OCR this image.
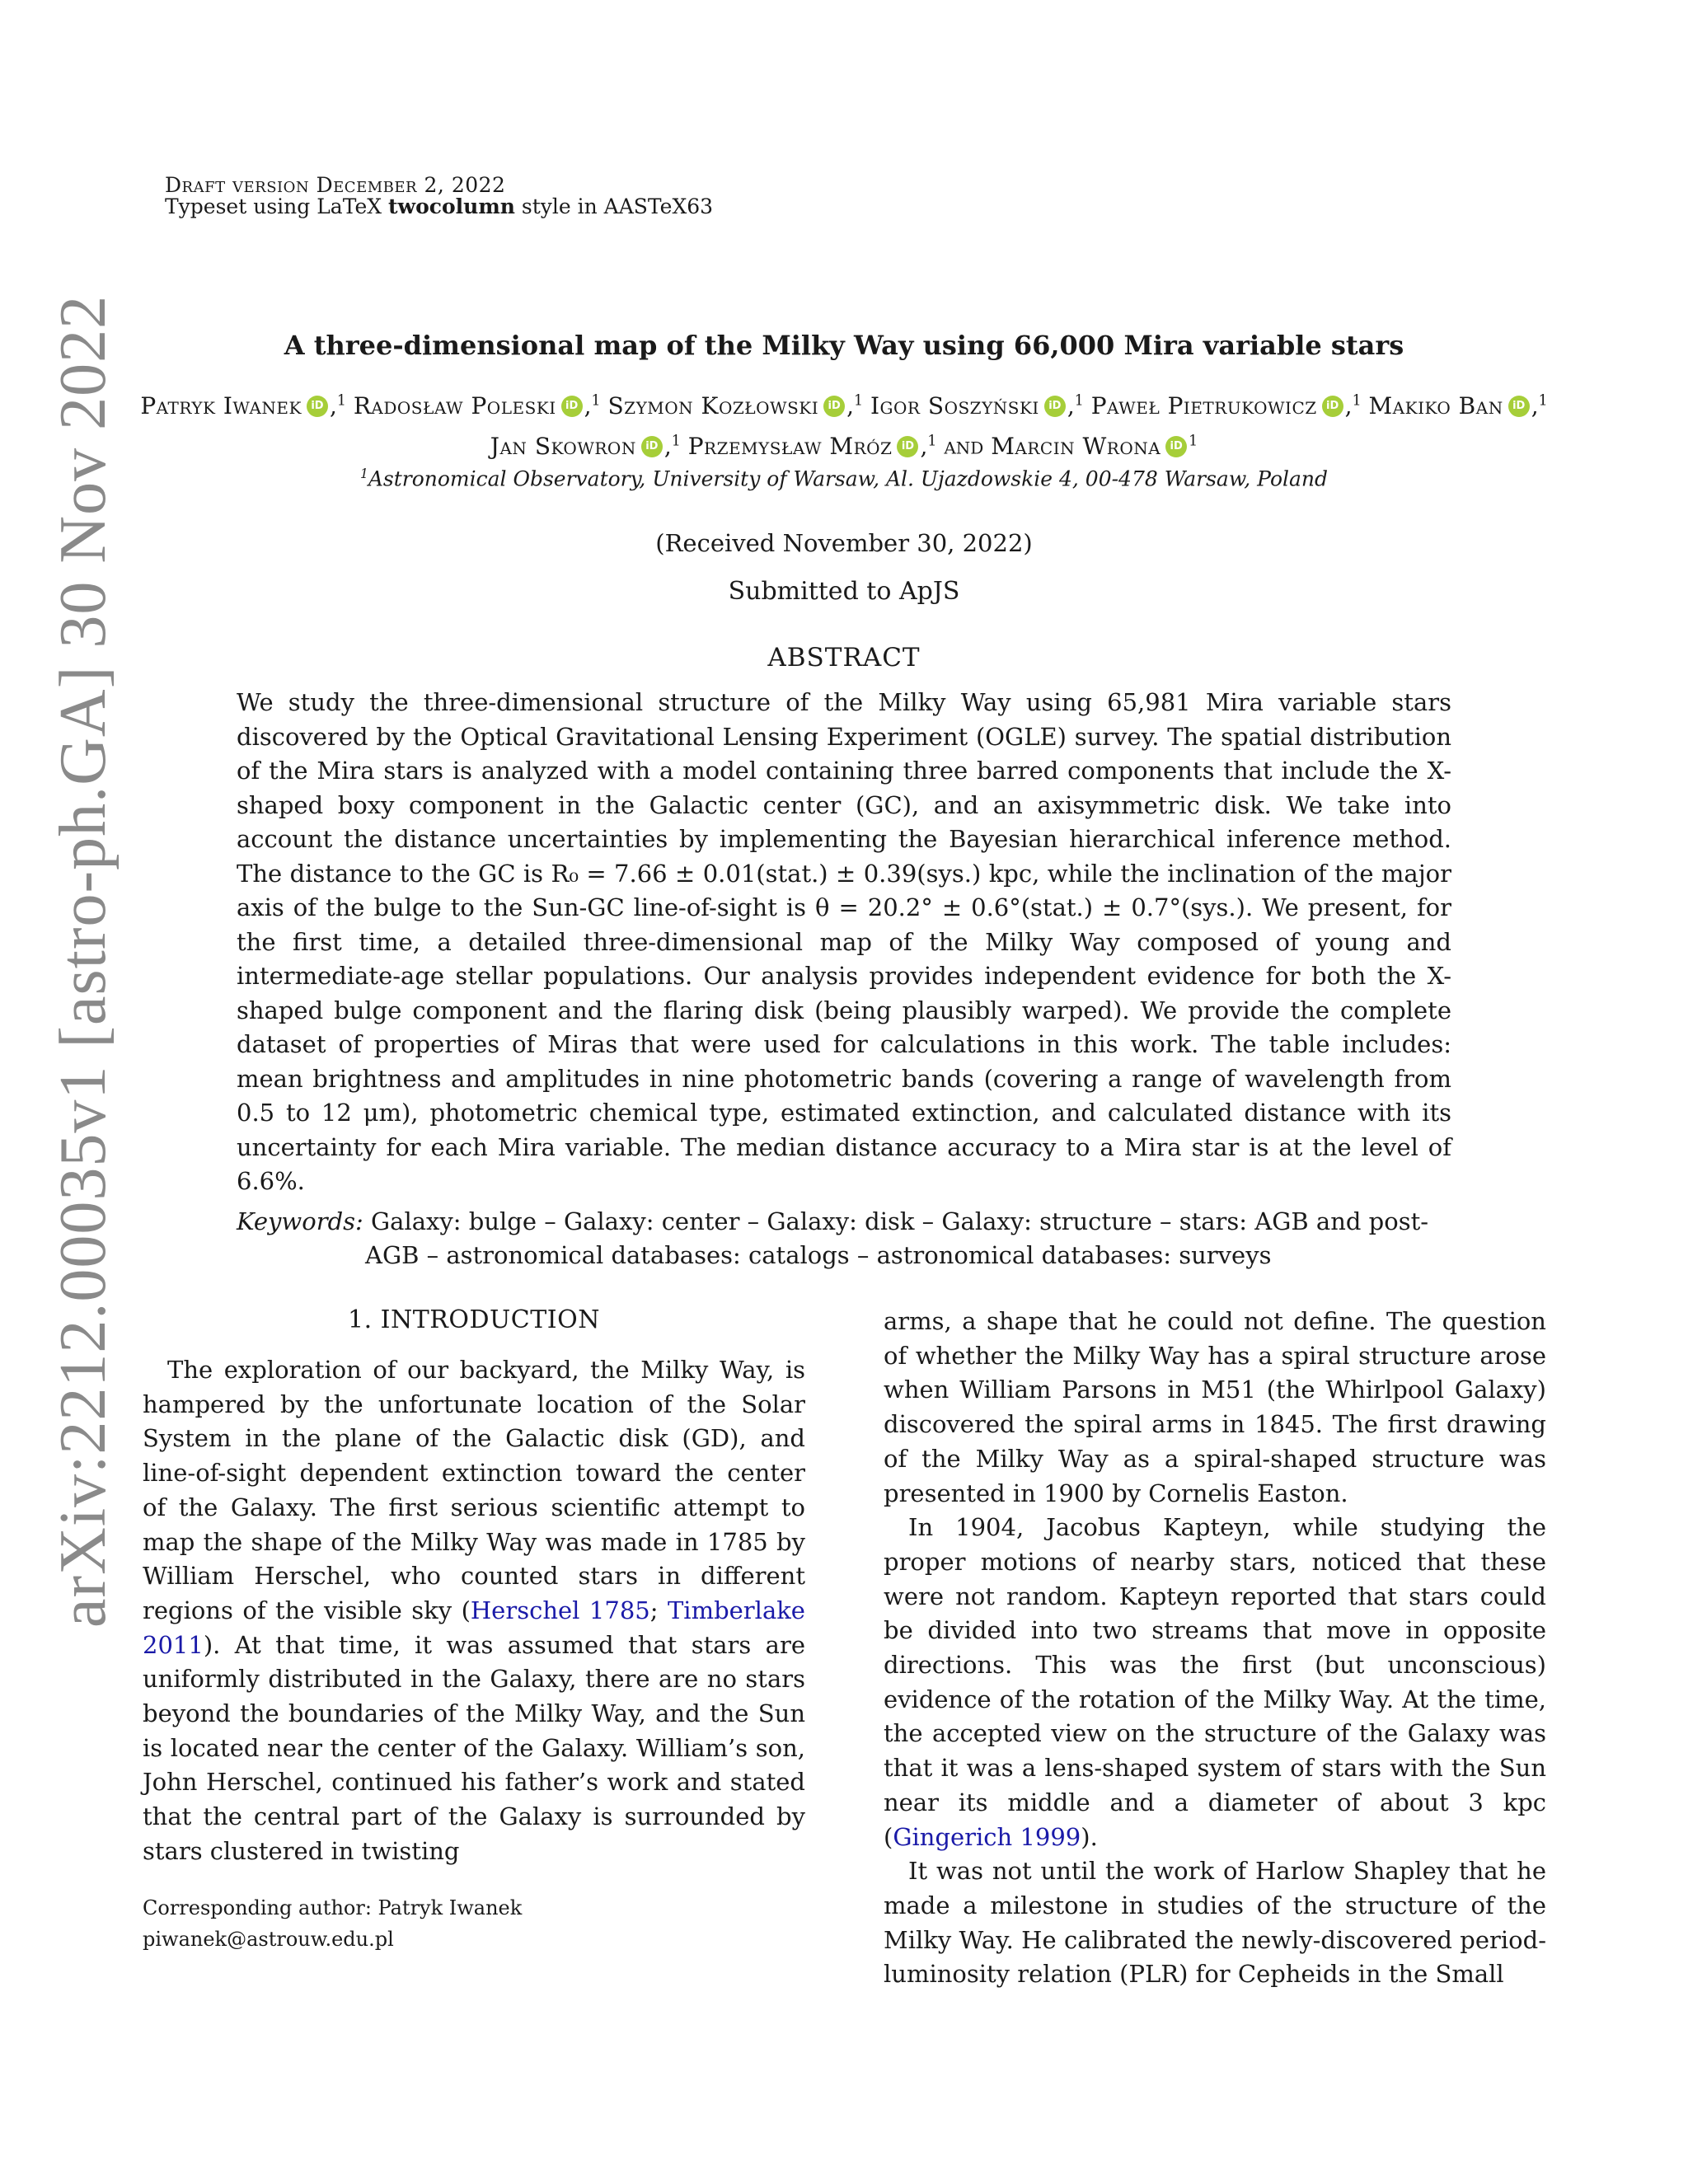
Draft version December 2, 2022
Typeset using LaTeX twocolumn style in AASTeX63
A three-dimensional map of the Milky Way using 66,000 Mira variable stars
Patryk Iwanek iD ,$^1$ Radosław Poleski iD ,$^1$ Szymon Kozłowski iD ,$^1$ Igor Soszyński iD ,$^1$ Paweł Pietrukowicz iD ,$^1$ Makiko Ban iD ,$^1$ Jan Skowron iD ,$^1$ Przemysław Mróz iD ,$^1$ and Marcin Wrona iD $^1$
$^1$Astronomical Observatory, University of Warsaw, Al. Ujazdowskie 4, 00-478 Warsaw, Poland
(Received November 30, 2022)
Submitted to ApJS
ABSTRACT
We study the three-dimensional structure of the Milky Way using 65,981 Mira variable stars discovered by the Optical Gravitational Lensing Experiment (OGLE) survey. The spatial distribution of the Mira stars is analyzed with a model containing three barred components that include the X-shaped boxy component in the Galactic center (GC), and an axisymmetric disk. We take into account the distance uncertainties by implementing the Bayesian hierarchical inference method. The distance to the GC is R₀ = 7.66 ± 0.01(stat.) ± 0.39(sys.) kpc, while the inclination of the major axis of the bulge to the Sun-GC line-of-sight is θ = 20.2° ± 0.6°(stat.) ± 0.7°(sys.). We present, for the first time, a detailed three-dimensional map of the Milky Way composed of young and intermediate-age stellar populations. Our analysis provides independent evidence for both the X-shaped bulge component and the flaring disk (being plausibly warped). We provide the complete dataset of properties of Miras that were used for calculations in this work. The table includes: mean brightness and amplitudes in nine photometric bands (covering a range of wavelength from 0.5 to 12 μm), photometric chemical type, estimated extinction, and calculated distance with its uncertainty for each Mira variable. The median distance accuracy to a Mira star is at the level of 6.6%.
Keywords: Galaxy: bulge – Galaxy: center – Galaxy: disk – Galaxy: structure – stars: AGB and post-AGB – astronomical databases: catalogs – astronomical databases: surveys
1. INTRODUCTION

The exploration of our backyard, the Milky Way, is hampered by the unfortunate location of the Solar System in the plane of the Galactic disk (GD), and line-of-sight dependent extinction toward the center of the Galaxy. The first serious scientific attempt to map the shape of the Milky Way was made in 1785 by William Herschel, who counted stars in different regions of the visible sky (Herschel 1785; Timberlake 2011). At that time, it was assumed that stars are uniformly distributed in the Galaxy, there are no stars beyond the boundaries of the Milky Way, and the Sun is located near the center of the Galaxy. William’s son, John Herschel, continued his father’s work and stated that the central part of the Galaxy is surrounded by stars clustered in twisting

arms, a shape that he could not define. The question of whether the Milky Way has a spiral structure arose when William Parsons in M51 (the Whirlpool Galaxy) discovered the spiral arms in 1845. The first drawing of the Milky Way as a spiral-shaped structure was presented in 1900 by Cornelis Easton.

In 1904, Jacobus Kapteyn, while studying the proper motions of nearby stars, noticed that these were not random. Kapteyn reported that stars could be divided into two streams that move in opposite directions. This was the first (but unconscious) evidence of the rotation of the Milky Way. At the time, the accepted view on the structure of the Galaxy was that it was a lens-shaped system of stars with the Sun near its middle and a diameter of about 3 kpc (Gingerich 1999).

It was not until the work of Harlow Shapley that he made a milestone in studies of the structure of the Milky Way. He calibrated the newly-discovered period-luminosity relation (PLR) for Cepheids in the Small

Corresponding author: Patryk Iwanek
piwanek@astrouw.edu.pl
arXiv:2212.00035v1 [astro-ph.GA] 30 Nov 2022
